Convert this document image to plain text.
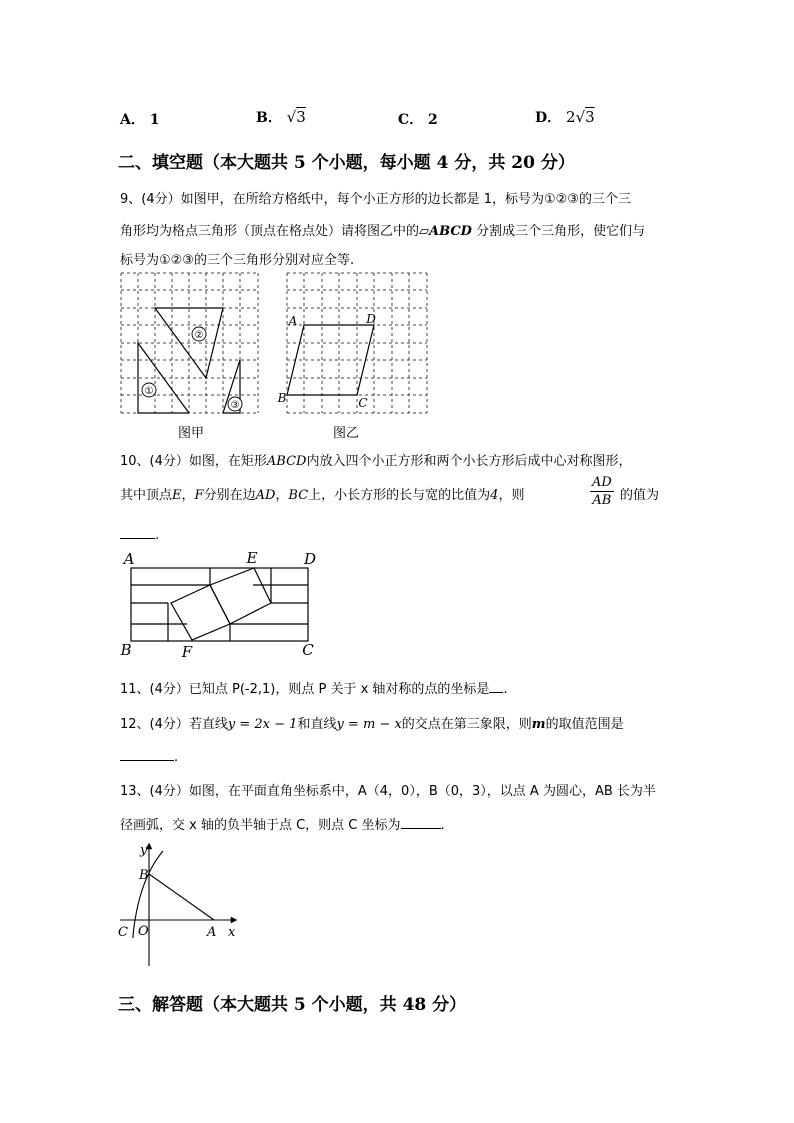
A． 1	B． √3	C． 2	D． 2√3
二、填空题（本大题共 5 个小题，每小题 4 分，共 20 分）
9、(4分）如图甲，在所给方格纸中，每个小正方形的边长都是 1，标号为①②③的三个三
角形均为格点三角形（顶点在格点处）请将图乙中的▱ABCD 分割成三个三角形，使它们与
标号为①②③的三个三角形分别对应全等.
②
①
③
图甲
A	D
B	C
图乙
10、(4分）如图，在矩形ABCD内放入四个小正方形和两个小长方形后成中心对称图形，
其中顶点E，F分别在边AD，BC上，小长方形的长与宽的比值为4，则	$\frac{AD}{AB}$ 的值为
.
A	E	D
B	F	C
11、(4分）已知点 P(-2,1)，则点 P 关于 x 轴对称的点的坐标是 .
12、(4分）若直线y = 2x − 1和直线y = m − x的交点在第三象限，则m的取值范围是
.
13、(4分）如图，在平面直角坐标系中，A（4，0），B（0，3），以点 A 为圆心，AB 长为半
径画弧，交 x 轴的负半轴于点 C，则点 C 坐标为	.
y
B
C O	A x
三、解答题（本大题共 5 个小题，共 48 分）
